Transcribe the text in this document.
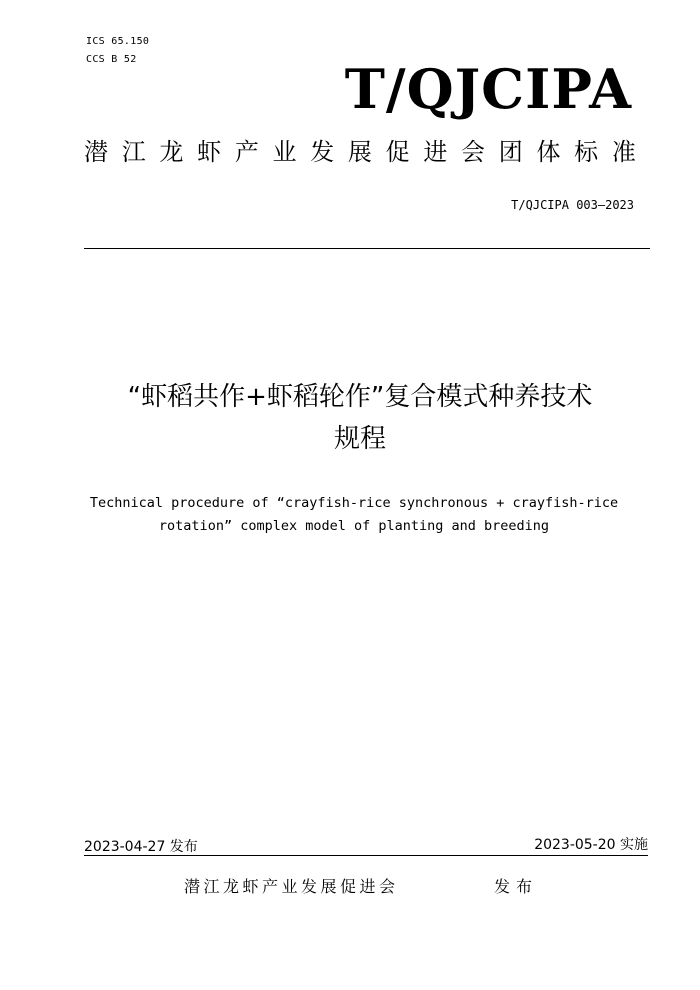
ICS 65.150
CCS B 52	T/QJCIPA
潜 江 龙 虾 产 业 发 展 促 进 会 团 体 标 准
T/QJCIPA 003—2023
“虾稻共作+虾稻轮作”复合模式种养技术
规程
Technical procedure of “crayfish-rice synchronous + crayfish-rice
rotation” complex model of planting and breeding
2023-04-27 发布	2023-05-20 实施
潜江龙虾产业发展促进会	发布
